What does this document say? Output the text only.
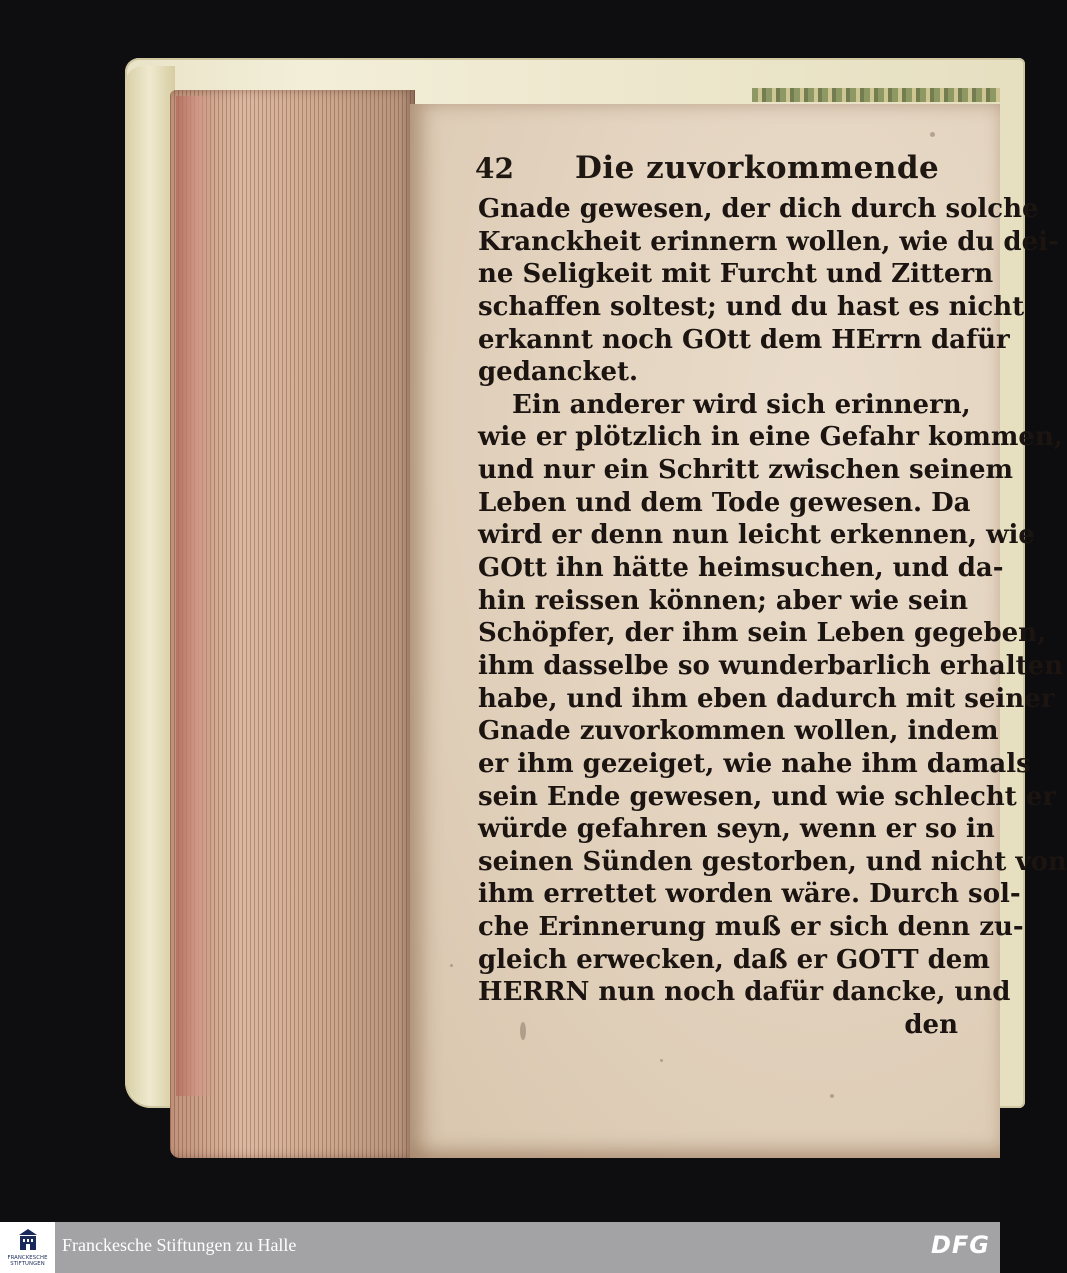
42 Die zuvorkommende
Gnade gewesen, der dich durch solche
Kranckheit erinnern wollen, wie du dei-
ne Seligkeit mit Furcht und Zittern
schaffen soltest; und du hast es nicht
erkannt noch GOtt dem HErrn dafür
gedancket.
Ein anderer wird sich erinnern,
wie er plötzlich in eine Gefahr kommen,
und nur ein Schritt zwischen seinem
Leben und dem Tode gewesen. Da
wird er denn nun leicht erkennen, wie
GOtt ihn hätte heimsuchen, und da-
hin reissen können; aber wie sein
Schöpfer, der ihm sein Leben gegeben,
ihm dasselbe so wunderbarlich erhalten
habe, und ihm eben dadurch mit seiner
Gnade zuvorkommen wollen, indem
er ihm gezeiget, wie nahe ihm damals
sein Ende gewesen, und wie schlecht er
würde gefahren seyn, wenn er so in
seinen Sünden gestorben, und nicht von
ihm errettet worden wäre. Durch sol-
che Erinnerung muß er sich denn zu-
gleich erwecken, daß er GOTT dem
HERRN nun noch dafür dancke, und
den
FRANCKESCHE
STIFTUNGEN
Franckesche Stiftungen zu Halle	DFG
